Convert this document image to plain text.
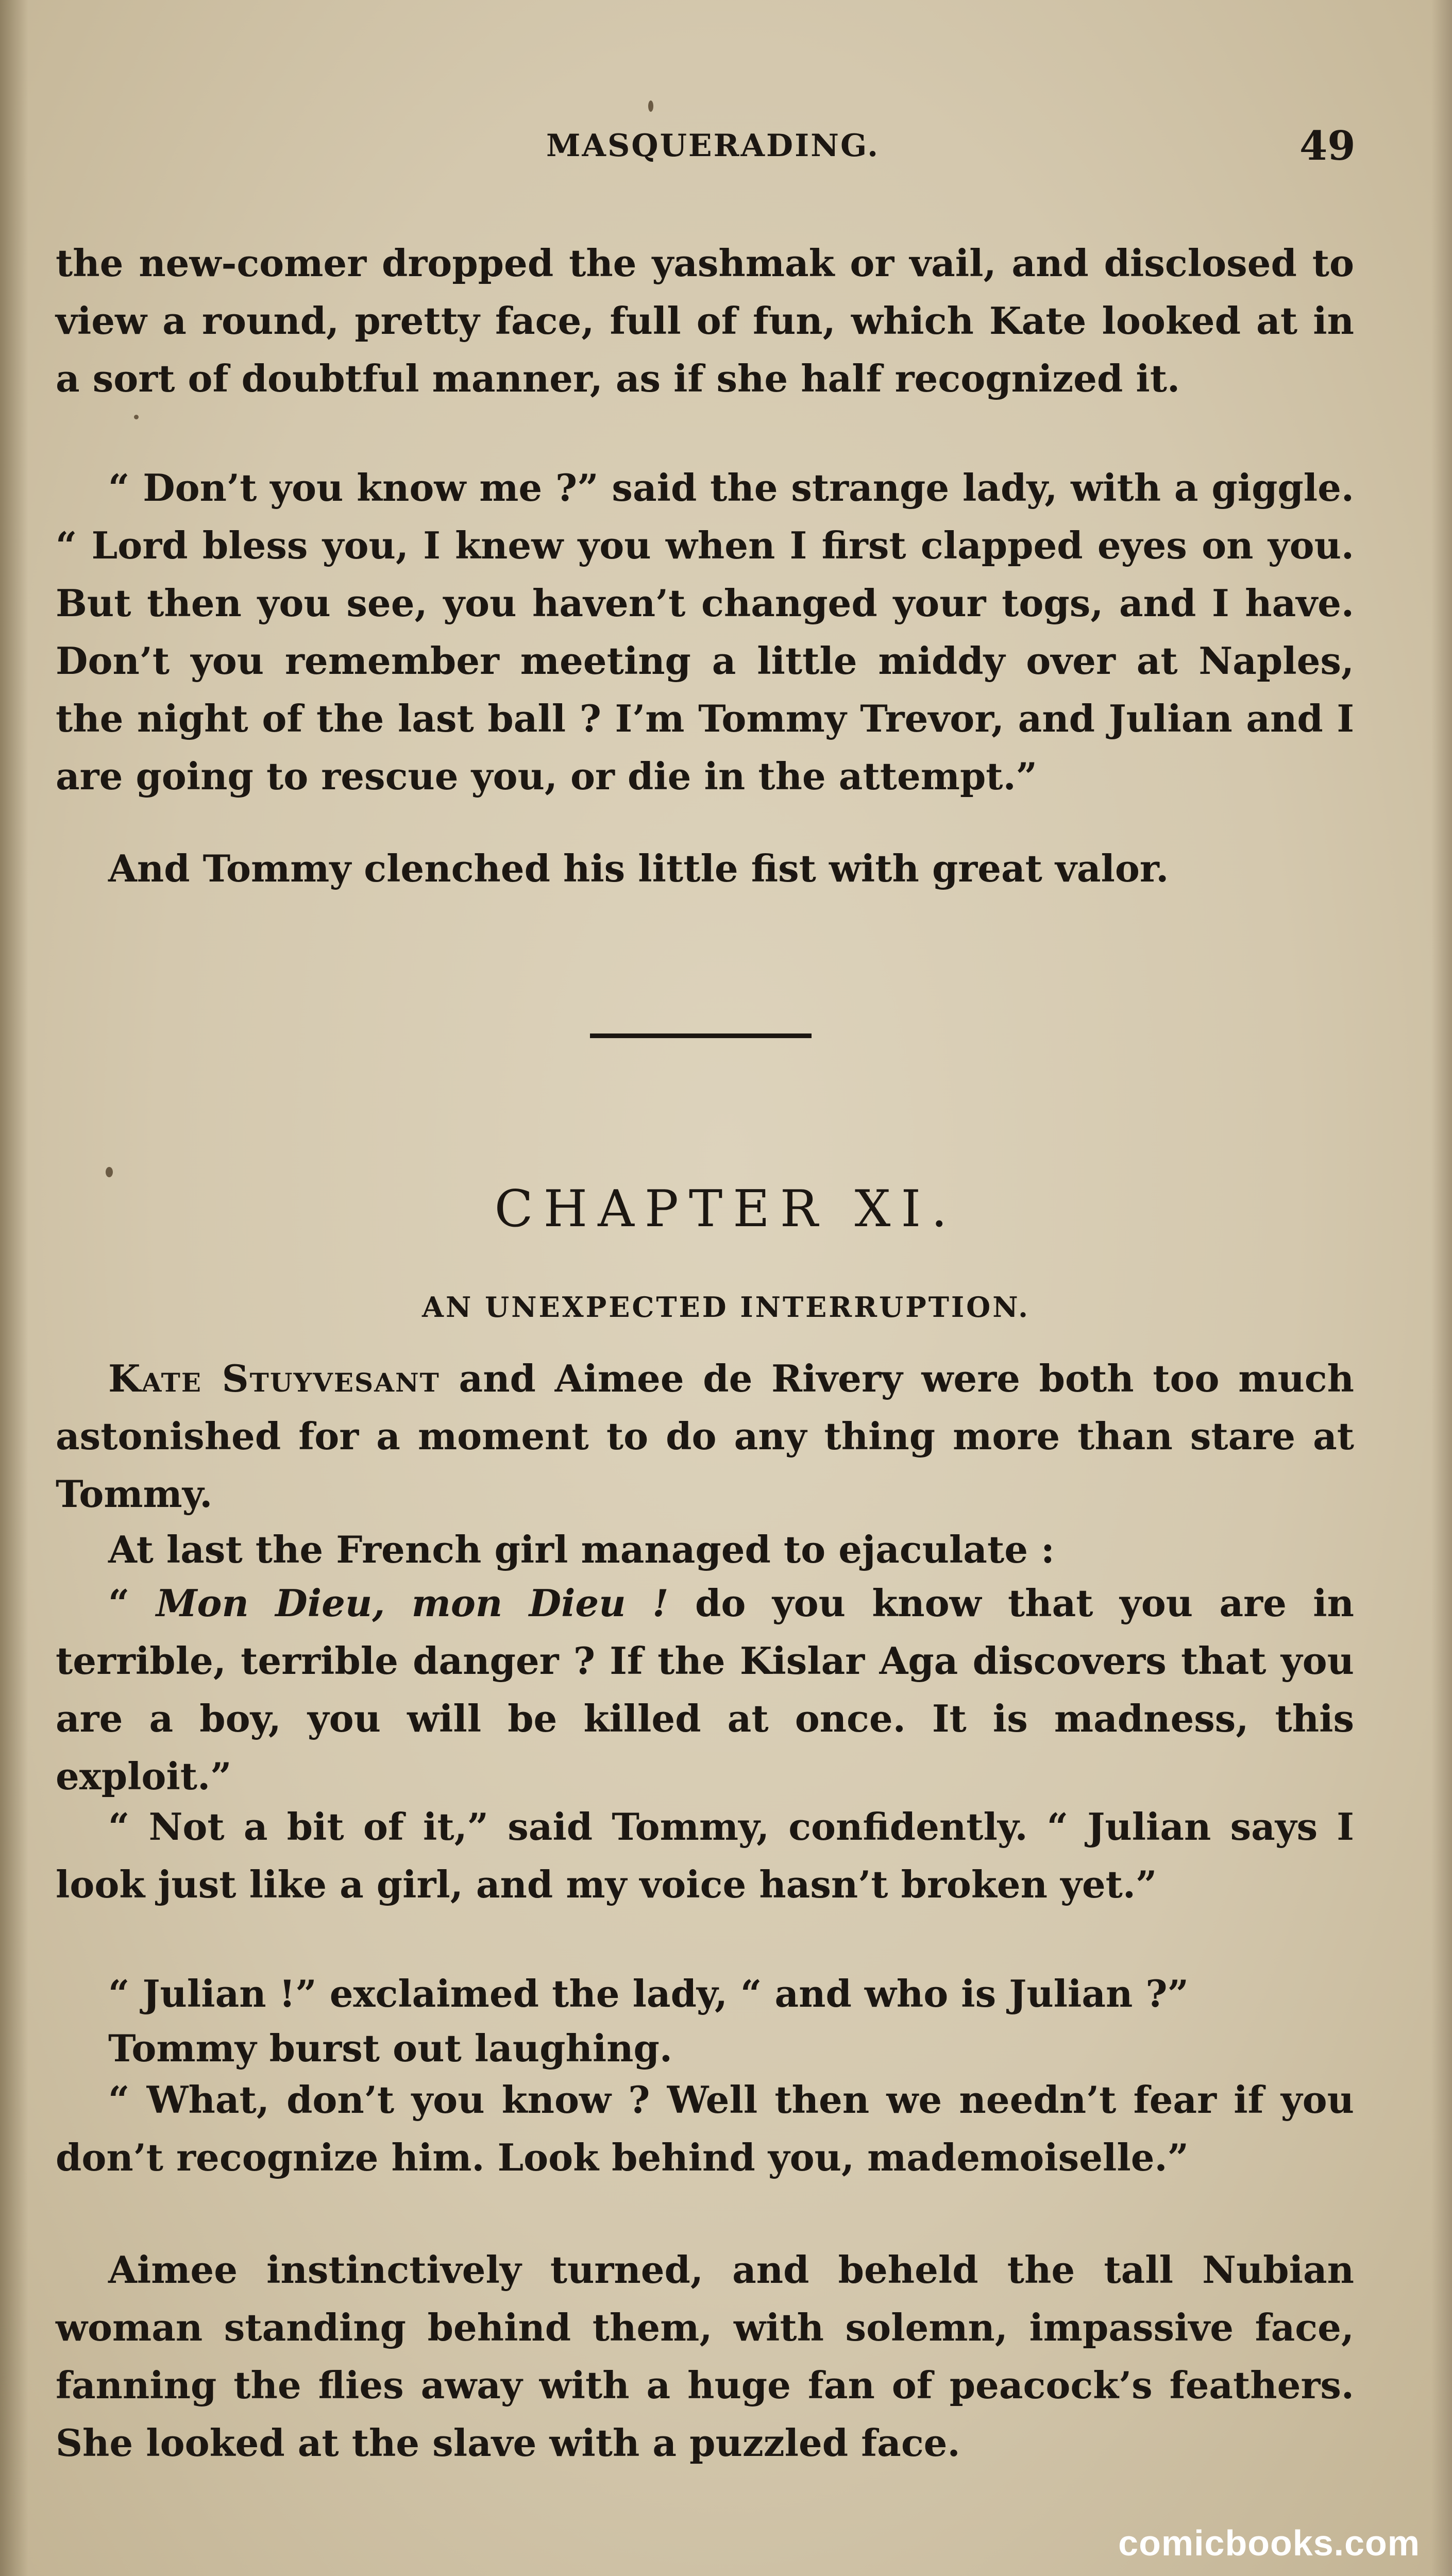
MASQUERADING.	49

the new-comer dropped the yashmak or vail, and disclosed to view a round, pretty face, full of fun, which Kate looked at in a sort of doubtful manner, as if she half recognized it.

“ Don’t you know me ?” said the strange lady, with a giggle. “ Lord bless you, I knew you when I first clapped eyes on you. But then you see, you haven’t changed your togs, and I have. Don’t you remember meeting a little middy over at Naples, the night of the last ball ? I’m Tommy Trevor, and Julian and I are going to rescue you, or die in the attempt.”

And Tommy clenched his little fist with great valor.

CHAPTER XI.
AN UNEXPECTED INTERRUPTION.

Kate Stuyvesant and Aimee de Rivery were both too much astonished for a moment to do any thing more than stare at Tommy.

At last the French girl managed to ejaculate :

“ Mon Dieu, mon Dieu ! do you know that you are in terrible, terrible danger ? If the Kislar Aga discovers that you are a boy, you will be killed at once. It is madness, this exploit.”

“ Not a bit of it,” said Tommy, confidently. “ Julian says I look just like a girl, and my voice hasn’t broken yet.”

“ Julian !” exclaimed the lady, “ and who is Julian ?”

Tommy burst out laughing.

“ What, don’t you know ? Well then we needn’t fear if you don’t recognize him. Look behind you, mademoiselle.”

Aimee instinctively turned, and beheld the tall Nubian woman standing behind them, with solemn, impassive face, fanning the flies away with a huge fan of peacock’s feathers. She looked at the slave with a puzzled face.

comicbooks.com
